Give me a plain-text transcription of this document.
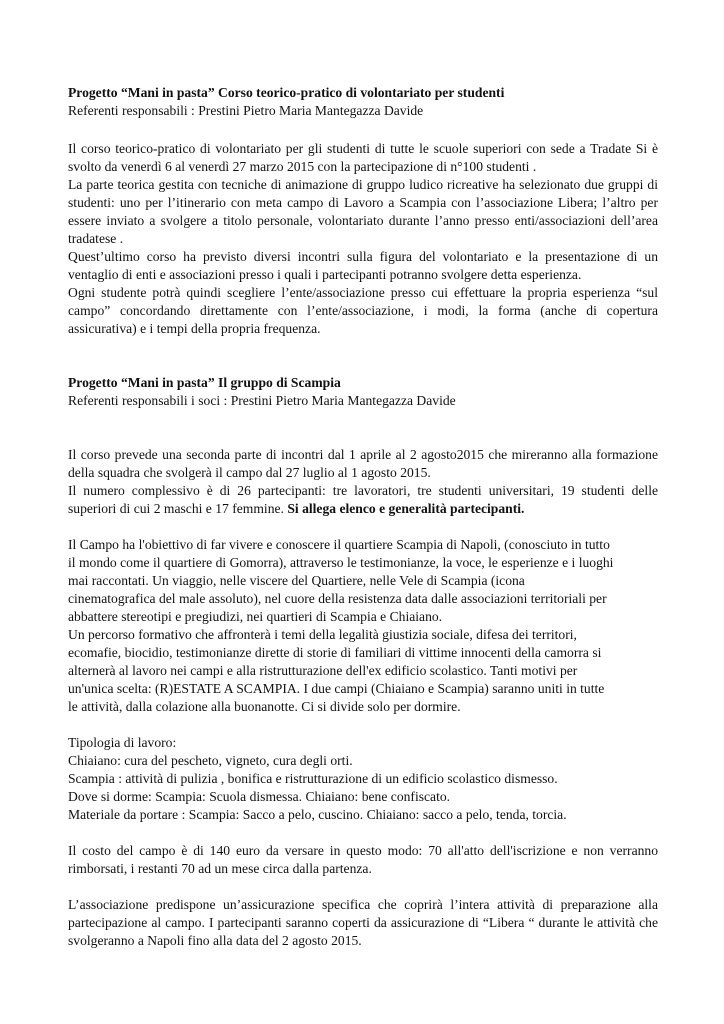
Progetto “Mani in pasta” Corso teorico-pratico di volontariato per studenti

Referenti responsabili : Prestini Pietro Maria Mantegazza Davide

Il corso teorico-pratico di volontariato per gli studenti di tutte le scuole superiori con sede a Tradate Si è svolto da venerdì 6 al venerdì 27 marzo 2015 con la partecipazione di n°100 studenti .

La parte teorica gestita con tecniche di animazione di gruppo ludico ricreative ha selezionato due gruppi di studenti: uno per l’itinerario con meta campo di Lavoro a Scampia con l’associazione Libera; l’altro per essere inviato a svolgere a titolo personale, volontariato durante l’anno presso enti/associazioni dell’area tradatese .

Quest’ultimo corso ha previsto diversi incontri sulla figura del volontariato e la presentazione di un ventaglio di enti e associazioni presso i quali i partecipanti potranno svolgere detta esperienza.

Ogni studente potrà quindi scegliere l’ente/associazione presso cui effettuare la propria esperienza “sul campo” concordando direttamente con l’ente/associazione, i modi, la forma (anche di copertura assicurativa) e i tempi della propria frequenza.

Progetto “Mani in pasta” Il gruppo di Scampia

Referenti responsabili i soci : Prestini Pietro Maria Mantegazza Davide

Il corso prevede una seconda parte di incontri dal 1 aprile al 2 agosto2015 che mireranno alla formazione della squadra che svolgerà il campo dal 27 luglio al 1 agosto 2015.

Il numero complessivo è di 26 partecipanti: tre lavoratori, tre studenti universitari, 19 studenti delle superiori di cui 2 maschi e 17 femmine. Si allega elenco e generalità partecipanti.

Il Campo ha l'obiettivo di far vivere e conoscere il quartiere Scampia di Napoli, (conosciuto in tutto
il mondo come il quartiere di Gomorra), attraverso le testimonianze, la voce, le esperienze e i luoghi
mai raccontati. Un viaggio, nelle viscere del Quartiere, nelle Vele di Scampia (icona
cinematografica del male assoluto), nel cuore della resistenza data dalle associazioni territoriali per
abbattere stereotipi e pregiudizi, nei quartieri di Scampia e Chiaiano.
Un percorso formativo che affronterà i temi della legalità giustizia sociale, difesa dei territori,
ecomafie, biocidio, testimonianze dirette di storie di familiari di vittime innocenti della camorra si
alternerà al lavoro nei campi e alla ristrutturazione dell'ex edificio scolastico. Tanti motivi per
un'unica scelta: (R)ESTATE A SCAMPIA. I due campi (Chiaiano e Scampia) saranno uniti in tutte
le attività, dalla colazione alla buonanotte. Ci si divide solo per dormire.
Tipologia di lavoro:
Chiaiano: cura del pescheto, vigneto, cura degli orti.
Scampia : attività di pulizia , bonifica e ristrutturazione di un edificio scolastico dismesso.
Dove si dorme: Scampia: Scuola dismessa. Chiaiano: bene confiscato.
Materiale da portare : Scampia: Sacco a pelo, cuscino. Chiaiano: sacco a pelo, tenda, torcia.

Il costo del campo è di 140 euro da versare in questo modo: 70 all'atto dell'iscrizione e non verranno rimborsati, i restanti 70 ad un mese circa dalla partenza.

L’associazione predispone un’assicurazione specifica che coprirà l’intera attività di preparazione alla partecipazione al campo. I partecipanti saranno coperti da assicurazione di “Libera “ durante le attività che svolgeranno a Napoli fino alla data del 2 agosto 2015.
